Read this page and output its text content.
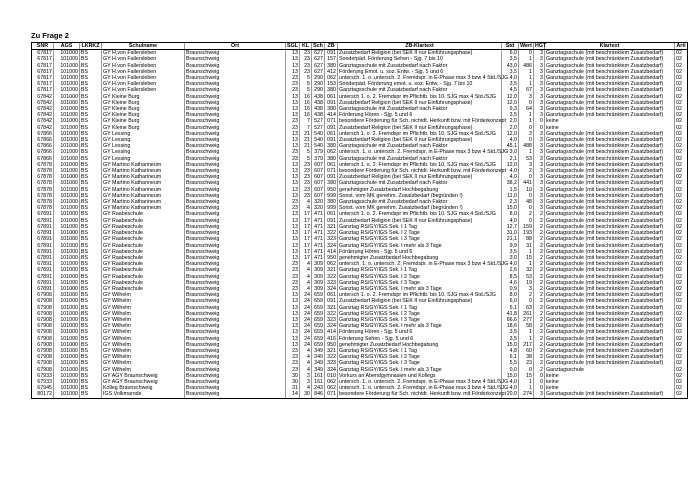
Zu Frage 2
SNR	AGS	LKRKZ	Schulname	Ort	SGL	KL	Sch	ZB	ZB-Klartext	Std	Wert	HGT	Klartext	Arti
67817	101000	BS	GY H.von Fallersleben	Braunschweig	13	23	627	091	Zusatzbedarf Religion (bei SEK II nur Einführungsphase)	6,0	0	3	Ganztagsschule (mit beschränktem Zusatzbedarf)	02
67817	101000	BS	GY H.von Fallersleben	Braunschweig	13	23	627	157	Sonderpäd. Förderung Sehen - Sjg. 7 bis 10	3,5	1	3	Ganztagsschule (mit beschränktem Zusatzbedarf)	02
67817	101000	BS	GY H.von Fallersleben	Braunschweig	13	23	627	380	Ganztagsschule mit Zusatzbedarf nach Faktor	43,0	486	3	Ganztagsschule (mit beschränktem Zusatzbedarf)	02
67817	101000	BS	GY H.von Fallersleben	Braunschweig	13	23	627	412	Förderung Emot. u. soz. Entw. - Sjg. 5 und 6	3,5	1	3	Ganztagsschule (mit beschränktem Zusatzbedarf)	02
67817	101000	BS	GY H.von Fallersleben	Braunschweig	23	5	290	062	untersch. 1. o. untersch. 2. Fremdspr. in E-Phase max 3 bzw 4 Std./SJG	4,0	1	3	Ganztagsschule (mit beschränktem Zusatzbedarf)	02
67817	101000	BS	GY H.von Fallersleben	Braunschweig	23	5	290	153	Sonderpäd. Förderung emot. u. soz. Entw. - Sjg. 7 bis 10	3,5	1	3	Ganztagsschule (mit beschränktem Zusatzbedarf)	02
67817	101000	BS	GY H.von Fallersleben	Braunschweig	23	5	290	380	Ganztagsschule mit Zusatzbedarf nach Faktor	4,5	67	3	Ganztagsschule (mit beschränktem Zusatzbedarf)	02
67842	101000	BS	GY Kleine Burg	Braunschweig	13	16	438	061	untersch 1. o. 2. Fremdspr im Pflichtb. bis 10. SJG max 4 Std./SJG	12,0	3	3	Ganztagsschule (mit beschränktem Zusatzbedarf)	02
67842	101000	BS	GY Kleine Burg	Braunschweig	13	16	438	091	Zusatzbedarf Religion (bei SEK II nur Einführungsphase)	12,0	0	3	Ganztagsschule (mit beschränktem Zusatzbedarf)	02
67842	101000	BS	GY Kleine Burg	Braunschweig	13	16	438	380	Ganztagsschule mit Zusatzbedarf nach Faktor	9,3	64	3	Ganztagsschule (mit beschränktem Zusatzbedarf)	02
67842	101000	BS	GY Kleine Burg	Braunschweig	13	16	438	414	Förderung Hören - Sjg. 5 und 6	3,5	1	3	Ganztagsschule (mit beschränktem Zusatzbedarf)	02
67842	101000	BS	GY Kleine Burg	Braunschweig	23	7	527	071	besondere Förderung für Sch. nichtdt. Herkunft bzw. mit Förderkonzept	2,0	1	0	keine	02
67842	101000	BS	GY Kleine Burg	Braunschweig	23	7	527	091	Zusatzbedarf Religion (bei SEK II nur Einführungsphase)	2,0	0	0	keine	02
67866	101000	BS	GY Lessing	Braunschweig	13	21	540	061	untersch 1. o. 2. Fremdspr im Pflichtb. bis 10. SJG max 4 Std./SJG	12,0	3	3	Ganztagsschule (mit beschränktem Zusatzbedarf)	02
67866	101000	BS	GY Lessing	Braunschweig	13	21	540	091	Zusatzbedarf Religion (bei SEK II nur Einführungsphase)	4,0	0	3	Ganztagsschule (mit beschränktem Zusatzbedarf)	02
67866	101000	BS	GY Lessing	Braunschweig	13	21	540	380	Ganztagsschule mit Zusatzbedarf nach Faktor	45,1	488	3	Ganztagsschule (mit beschränktem Zusatzbedarf)	02
67866	101000	BS	GY Lessing	Braunschweig	23	5	379	062	untersch. 1. o. untersch. 2. Fremdspr. in E-Phase max 3 bzw 4 Std./SJG	3,0	1	3	Ganztagsschule (mit beschränktem Zusatzbedarf)	02
67866	101000	BS	GY Lessing	Braunschweig	23	5	379	380	Ganztagsschule mit Zusatzbedarf nach Faktor	2,1	53	3	Ganztagsschule (mit beschränktem Zusatzbedarf)	02
67878	101000	BS	GY Martino Katharineum	Braunschweig	13	23	607	061	untersch 1. o. 2. Fremdspr im Pflichtb. bis 10. SJG max 4 Std./SJG	12,0	3	3	Ganztagsschule (mit beschränktem Zusatzbedarf)	02
67878	101000	BS	GY Martino Katharineum	Braunschweig	13	23	607	071	besondere Förderung für Sch. nichtdt. Herkunft bzw. mit Förderkonzept	4,0	2	3	Ganztagsschule (mit beschränktem Zusatzbedarf)	02
67878	101000	BS	GY Martino Katharineum	Braunschweig	13	23	607	091	Zusatzbedarf Religion (bei SEK II nur Einführungsphase)	4,0	0	3	Ganztagsschule (mit beschränktem Zusatzbedarf)	02
67878	101000	BS	GY Martino Katharineum	Braunschweig	13	23	607	380	Ganztagsschule mit Zusatzbedarf nach Faktor	38,2	441	3	Ganztagsschule (mit beschränktem Zusatzbedarf)	02
67878	101000	BS	GY Martino Katharineum	Braunschweig	13	23	607	950	genehmigter Zusatzbedarf Hochbegabung	1,5	10	3	Ganztagsschule (mit beschränktem Zusatzbedarf)	02
67878	101000	BS	GY Martino Katharineum	Braunschweig	13	23	607	999	Sonst. vom MK genehm. Zusatzbedarf (begründen !)	11,0	0	3	Ganztagsschule (mit beschränktem Zusatzbedarf)	02
67878	101000	BS	GY Martino Katharineum	Braunschweig	23	4	320	380	Ganztagsschule mit Zusatzbedarf nach Faktor	2,3	48	3	Ganztagsschule (mit beschränktem Zusatzbedarf)	02
67878	101000	BS	GY Martino Katharineum	Braunschweig	23	4	320	999	Sonst. vom MK genehm. Zusatzbedarf (begründen !)	15,0	0	3	Ganztagsschule (mit beschränktem Zusatzbedarf)	02
67891	101000	BS	GY Raabeschule	Braunschweig	13	17	471	061	untersch 1. o. 2. Fremdspr im Pflichtb. bis 10. SJG max 4 Std./SJG	8,0	2	2	Ganztagsschule (mit beschränktem Zusatzbedarf)	02
67891	101000	BS	GY Raabeschule	Braunschweig	13	17	471	091	Zusatzbedarf Religion (bei SEK II nur Einführungsphase)	4,0	0	2	Ganztagsschule (mit beschränktem Zusatzbedarf)	02
67891	101000	BS	GY Raabeschule	Braunschweig	13	17	471	321	Ganztag RS/GY/IGS Sek. I 1 Tag	12,7	159	2	Ganztagsschule (mit beschränktem Zusatzbedarf)	02
67891	101000	BS	GY Raabeschule	Braunschweig	13	17	471	322	Ganztag RS/GY/IGS Sek. I 2 Tage	31,0	193	2	Ganztagsschule (mit beschränktem Zusatzbedarf)	02
67891	101000	BS	GY Raabeschule	Braunschweig	13	17	471	323	Ganztag RS/GY/IGS Sek. I 3 Tage	21,1	88	2	Ganztagsschule (mit beschränktem Zusatzbedarf)	02
67891	101000	BS	GY Raabeschule	Braunschweig	13	17	471	324	Ganztag RS/GY/IGS Sek. I mehr als 3 Tage	9,9	31	2	Ganztagsschule (mit beschränktem Zusatzbedarf)	02
67891	101000	BS	GY Raabeschule	Braunschweig	13	17	471	414	Förderung Hören - Sjg. 5 und 6	3,5	1	2	Ganztagsschule (mit beschränktem Zusatzbedarf)	02
67891	101000	BS	GY Raabeschule	Braunschweig	13	17	471	950	genehmigter Zusatzbedarf Hochbegabung	3,0	15	2	Ganztagsschule (mit beschränktem Zusatzbedarf)	02
67891	101000	BS	GY Raabeschule	Braunschweig	23	4	309	062	untersch. 1. o. untersch. 2. Fremdspr. in E-Phase max 3 bzw 4 Std./SJG	4,0	1	2	Ganztagsschule (mit beschränktem Zusatzbedarf)	02
67891	101000	BS	GY Raabeschule	Braunschweig	23	4	309	321	Ganztag RS/GY/IGS Sek. I 1 Tag	2,6	32	2	Ganztagsschule (mit beschränktem Zusatzbedarf)	02
67891	101000	BS	GY Raabeschule	Braunschweig	23	4	309	322	Ganztag RS/GY/IGS Sek. I 2 Tage	8,5	53	2	Ganztagsschule (mit beschränktem Zusatzbedarf)	02
67891	101000	BS	GY Raabeschule	Braunschweig	23	4	309	323	Ganztag RS/GY/IGS Sek. I 3 Tage	4,6	19	2	Ganztagsschule (mit beschränktem Zusatzbedarf)	02
67891	101000	BS	GY Raabeschule	Braunschweig	23	4	309	324	Ganztag RS/GY/IGS Sek. I mehr als 3 Tage	0,9	3	2	Ganztagsschule (mit beschränktem Zusatzbedarf)	02
67908	101000	BS	GY Wilhelm	Braunschweig	13	24	659	061	untersch 1. o. 2. Fremdspr im Pflichtb. bis 10. SJG max 4 Std./SJG	8,0	2	2	Ganztagsschule (mit beschränktem Zusatzbedarf)	02
67908	101000	BS	GY Wilhelm	Braunschweig	13	24	659	091	Zusatzbedarf Religion (bei SEK II nur Einführungsphase)	6,0	0	2	Ganztagsschule (mit beschränktem Zusatzbedarf)	02
67908	101000	BS	GY Wilhelm	Braunschweig	13	24	659	321	Ganztag RS/GY/IGS Sek. I 1 Tag	5,1	63	2	Ganztagsschule (mit beschränktem Zusatzbedarf)	02
67908	101000	BS	GY Wilhelm	Braunschweig	13	24	659	322	Ganztag RS/GY/IGS Sek. I 2 Tage	41,8	261	2	Ganztagsschule (mit beschränktem Zusatzbedarf)	02
67908	101000	BS	GY Wilhelm	Braunschweig	13	24	659	323	Ganztag RS/GY/IGS Sek. I 3 Tage	66,6	277	2	Ganztagsschule (mit beschränktem Zusatzbedarf)	02
67908	101000	BS	GY Wilhelm	Braunschweig	13	24	659	324	Ganztag RS/GY/IGS Sek. I mehr als 3 Tage	18,6	58	2	Ganztagsschule (mit beschränktem Zusatzbedarf)	02
67908	101000	BS	GY Wilhelm	Braunschweig	13	24	659	414	Förderung Hören - Sjg. 5 und 6	3,5	1	2	Ganztagsschule (mit beschränktem Zusatzbedarf)	02
67908	101000	BS	GY Wilhelm	Braunschweig	13	24	659	416	Förderung Sehen - Sjg. 5 und 6	3,5	1	2	Ganztagsschule (mit beschränktem Zusatzbedarf)	02
67908	101000	BS	GY Wilhelm	Braunschweig	13	24	659	950	genehmigter Zusatzbedarf Hochbegabung	15,0	217	2	Ganztagsschule (mit beschränktem Zusatzbedarf)	02
67908	101000	BS	GY Wilhelm	Braunschweig	23	4	349	321	Ganztag RS/GY/IGS Sek. I 1 Tag	4,8	60	2	Ganztagsschule (mit beschränktem Zusatzbedarf)	02
67908	101000	BS	GY Wilhelm	Braunschweig	23	4	349	322	Ganztag RS/GY/IGS Sek. I 2 Tage	6,1	38	2	Ganztagsschule (mit beschränktem Zusatzbedarf)	02
67908	101000	BS	GY Wilhelm	Braunschweig	23	4	349	323	Ganztag RS/GY/IGS Sek. I 3 Tage	5,5	23	2	Ganztagsschule (mit beschränktem Zusatzbedarf)	02
67908	101000	BS	GY Wilhelm	Braunschweig	23	4	349	324	Ganztag RS/GY/IGS Sek. I mehr als 3 Tage	0,0	0	2	Ganztagsschule	02
67933	101000	BS	GY AGY Braunschweig	Braunschweig	30	3	161	010	Vorkurs an Abendgymnasien und Kollegs	15,0	15	0	keine	02
67933	101000	BS	GY AGY Braunschweig	Braunschweig	30	3	161	062	untersch. 1. o. untersch. 2. Fremdspr. in E-Phase max 3 bzw 4 Std./SJG	4,0	1	0	keine	02
67945	101000	BS	Kolleg Braunschweig	Braunschweig	31	4	243	062	untersch. 1. o. untersch. 2. Fremdspr. in E-Phase max 3 bzw 4 Std./SJG	4,0	1	0	keine	02
80172	101000	BS	IGS Volkmarode	Braunschweig	14	30	846	071	besondere Förderung für Sch. nichtdt. Herkunft bzw. mit Förderkonzept	20,0	274	3	Ganztagsschule (mit beschränktem Zusatzbedarf)	02
